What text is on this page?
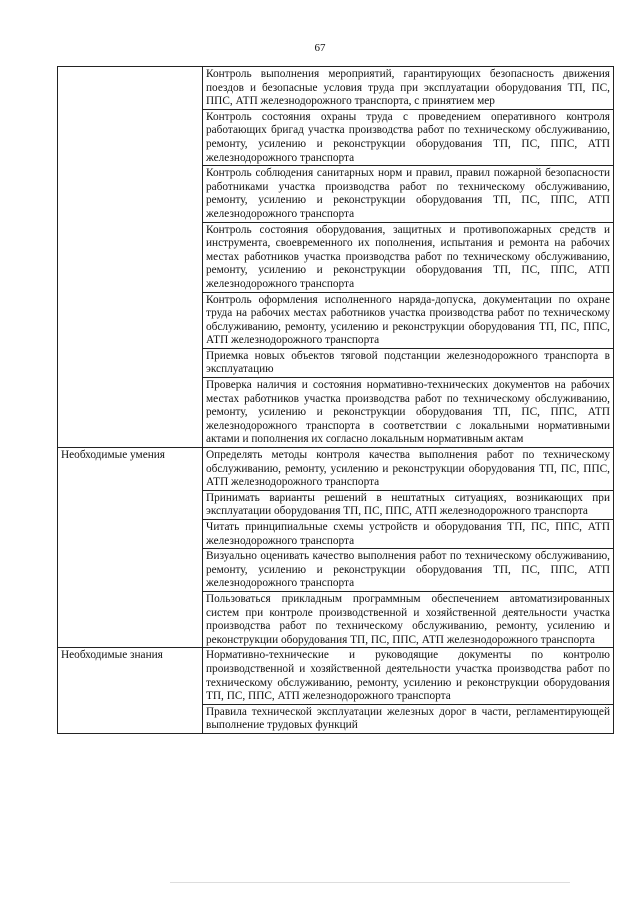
67
	Контроль выполнения мероприятий, гарантирующих безопасность движения поездов и безопасные условия труда при эксплуатации оборудования ТП, ПС, ППС, АТП железнодорожного транспорта, с принятием мер
	Контроль состояния охраны труда с проведением оперативного контроля работающих бригад участка производства работ по техническому обслуживанию, ремонту, усилению и реконструкции оборудования ТП, ПС, ППС, АТП железнодорожного транспорта
	Контроль соблюдения санитарных норм и правил, правил пожарной безопасности работниками участка производства работ по техническому обслуживанию, ремонту, усилению и реконструкции оборудования ТП, ПС, ППС, АТП железнодорожного транспорта
	Контроль состояния оборудования, защитных и противопожарных средств и инструмента, своевременного их пополнения, испытания и ремонта на рабочих местах работников участка производства работ по техническому обслуживанию, ремонту, усилению и реконструкции оборудования ТП, ПС, ППС, АТП железнодорожного транспорта
	Контроль оформления исполненного наряда-допуска, документации по охране труда на рабочих местах работников участка производства работ по техническому обслуживанию, ремонту, усилению и реконструкции оборудования ТП, ПС, ППС, АТП железнодорожного транспорта
	Приемка новых объектов тяговой подстанции железнодорожного транспорта в эксплуатацию
	Проверка наличия и состояния нормативно-технических документов на рабочих местах работников участка производства работ по техническому обслуживанию, ремонту, усилению и реконструкции оборудования ТП, ПС, ППС, АТП железнодорожного транспорта в соответствии с локальными нормативными актами и пополнения их согласно локальным нормативным актам
Необходимые умения	Определять методы контроля качества выполнения работ по техническому обслуживанию, ремонту, усилению и реконструкции оборудования ТП, ПС, ППС, АТП железнодорожного транспорта
	Принимать варианты решений в нештатных ситуациях, возникающих при эксплуатации оборудования ТП, ПС, ППС, АТП железнодорожного транспорта
	Читать принципиальные схемы устройств и оборудования ТП, ПС, ППС, АТП железнодорожного транспорта
	Визуально оценивать качество выполнения работ по техническому обслуживанию, ремонту, усилению и реконструкции оборудования ТП, ПС, ППС, АТП железнодорожного транспорта
	Пользоваться прикладным программным обеспечением автоматизированных систем при контроле производственной и хозяйственной деятельности участка производства работ по техническому обслуживанию, ремонту, усилению и реконструкции оборудования ТП, ПС, ППС, АТП железнодорожного транспорта
Необходимые знания	Нормативно-технические и руководящие документы по контролю производственной и хозяйственной деятельности участка производства работ по техническому обслуживанию, ремонту, усилению и реконструкции оборудования ТП, ПС, ППС, АТП железнодорожного транспорта
	Правила технической эксплуатации железных дорог в части, регламентирующей выполнение трудовых функций
